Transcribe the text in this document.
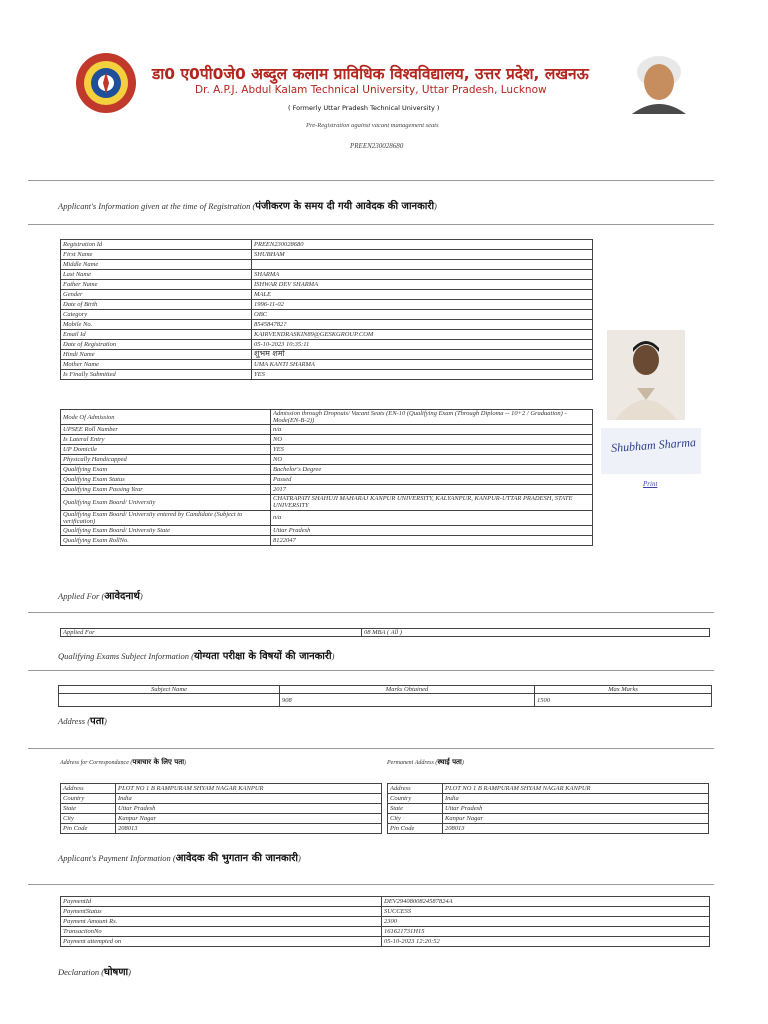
डा0 ए0पी0जे0 अब्दुल कलाम प्राविधिक विश्वविद्यालय, उत्तर प्रदेश, लखनऊ
Dr. A.P.J. Abdul Kalam Technical University, Uttar Pradesh, Lucknow
( Formerly Uttar Pradesh Technical University )
Pre-Registration against vacant management seats
PREEN230028680
Applicant's Information given at the time of Registration (पंजीकरण के समय दी गयी आवेदक की जानकारी)
Registration Id	PREEN230028680
First Name	SHUBHAM
Middle Name	
Last Name	SHARMA
Father Name	ISHWAR DEV SHARMA
Gender	MALE
Date of Birth	1996-11-02
Category	OBC
Mobile No.	854584782?
Email Id	KAIRVENDRASKIN89@GESKGROUP.COM
Date of Registration	05-10-2023 10:35:11
Hindi Name	शुभम शर्मा
Mother Name	UMA KANTI SHARMA
Is Finally Submitted	YES
Mode Of Admission	Admission through Dropouts/ Vacant Seats (EN-10 (Qualifying Exam (Through Diploma -- 10+2 / Graduation) -Mode(EN-B-2))
UPSEE Roll Number	n/a
Is Lateral Entry	NO
UP Domicile	YES
Physically Handicapped	NO
Qualifying Exam	Bachelor's Degree
Qualifying Exam Status	Passed
Qualifying Exam Passing Year	2017
Qualifying Exam Board/ University	CHATRAPATI SHAHUJI MAHARAJ KANPUR UNIVERSITY, KALYANPUR, KANPUR-UTTAR PRADESH, STATE UNIVERSITY
Qualifying Exam Board/ University entered by Candidate (Subject to verification)	n/a
Qualifying Exam Board/ University State	Uttar Pradesh
Qualifying Exam RollNo.	8122047
Shubham Sharma
Print
Applied For (आवेदनार्थ)
Applied For	08 MBA ( All )
Qualifying Exams Subject Information (योग्यता परीक्षा के विषयों की जानकारी)
Subject Name	Marks Obtained	Max Marks
	908	1500
Address (पता)
Address for Correspondance (पत्राचार के लिए पता)	Permanent Address (स्थाई पता)
Address	PLOT NO 1 B RAMPURAM SHYAM NAGAR KANPUR
Country	India
State	Uttar Pradesh
City	Kanpur Nagar
Pin Code	208013
Address	PLOT NO 1 B RAMPURAM SHYAM NAGAR KANPUR
Country	India
State	Uttar Pradesh
City	Kanpur Nagar
Pin Code	208013
Applicant's Payment Information (आवेदक की भुगतान की जानकारी)
PaymentId	DEV2940800824587824A
PaymentStatus	SUCCESS
Payment Amount Rs.	2300
TransactionNo	161621731H15
Payment attempted on	05-10-2023 12:20:52
Declaration (घोषणा)
